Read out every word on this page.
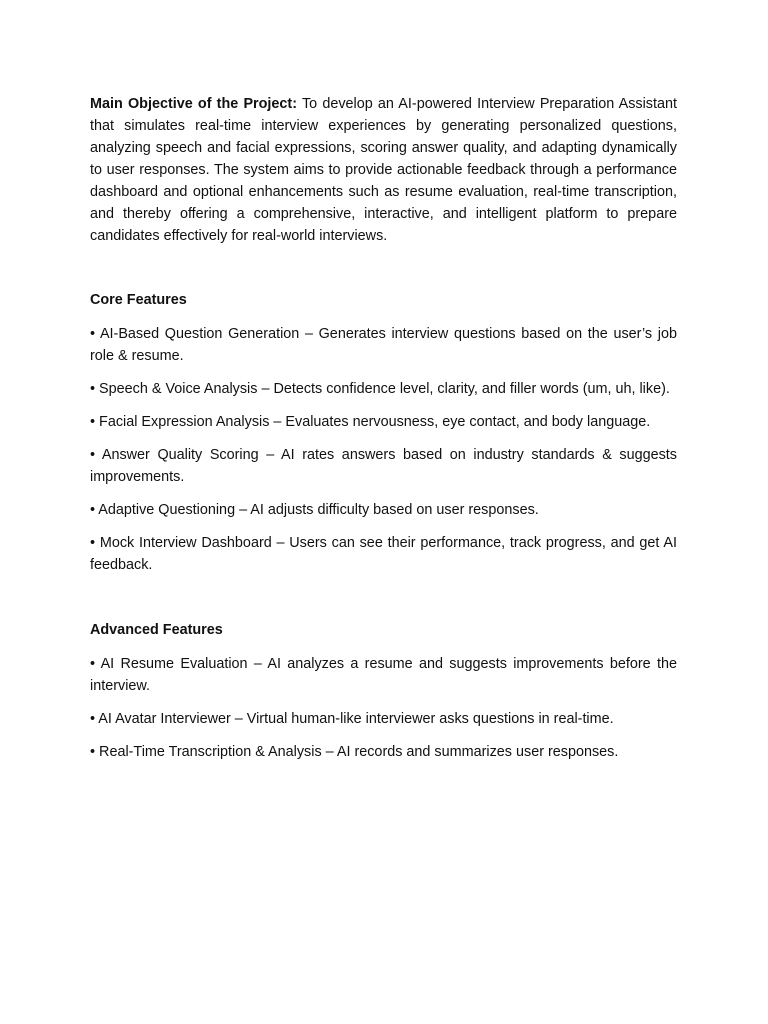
Main Objective of the Project: To develop an AI-powered Interview Preparation Assistant that simulates real-time interview experiences by generating personalized questions, analyzing speech and facial expressions, scoring answer quality, and adapting dynamically to user responses. The system aims to provide actionable feedback through a performance dashboard and optional enhancements such as resume evaluation, real-time transcription, and thereby offering a comprehensive, interactive, and intelligent platform to prepare candidates effectively for real-world interviews.

Core Features
• AI-Based Question Generation – Generates interview questions based on the user’s job role & resume.
• Speech & Voice Analysis – Detects confidence level, clarity, and filler words (um, uh, like).
• Facial Expression Analysis – Evaluates nervousness, eye contact, and body language.
• Answer Quality Scoring – AI rates answers based on industry standards & suggests improvements.
• Adaptive Questioning – AI adjusts difficulty based on user responses.
• Mock Interview Dashboard – Users can see their performance, track progress, and get AI feedback.
Advanced Features
• AI Resume Evaluation – AI analyzes a resume and suggests improvements before the interview.
• AI Avatar Interviewer – Virtual human-like interviewer asks questions in real-time.
• Real-Time Transcription & Analysis – AI records and summarizes user responses.
